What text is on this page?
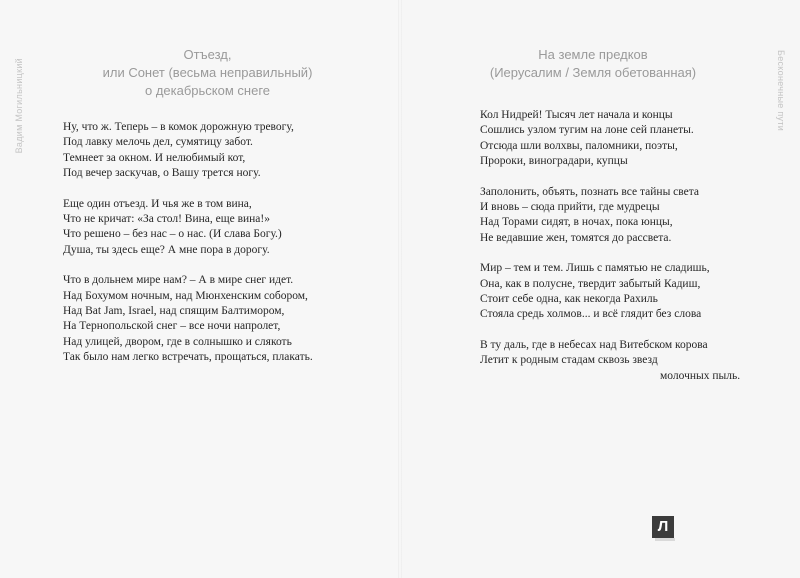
Вадим Могильницкий	Бесконечные пути
Отъезд,
или Сонет (весьма неправильный)
о декабрьском снеге
На земле предков
(Иерусалим / Земля обетованная)
Ну, что ж. Теперь – в комок дорожную тревогу,
Под лавку мелочь дел, сумятицу забот.
Темнеет за окном. И нелюбимый кот,
Под вечер заскучав, о Вашу трется ногу.
Еще один отъезд. И чья же в том вина,
Что не кричат: «За стол! Вина, еще вина!»
Что решено – без нас – о нас. (И слава Богу.)
Душа, ты здесь еще? А мне пора в дорогу.
Что в дольнем мире нам? – А в мире снег идет.
Над Бохумом ночным, над Мюнхенским собором,
Над Bat Jam, Israel, над спящим Балтимором,
На Тернопольской снег – все ночи напролет,
Над улицей, двором, где в солнышко и слякоть
Так было нам легко встречать, прощаться, плакать.
Кол Нидрей! Тысяч лет начала и концы
Сошлись узлом тугим на лоне сей планеты.
Отсюда шли волхвы, паломники, поэты,
Пророки, виноградари, купцы
Заполонить, объять, познать все тайны света
И вновь – сюда прийти, где мудрецы
Над Торами сидят, в ночах, пока юнцы,
Не ведавшие жен, томятся до рассвета.
Мир – тем и тем. Лишь с памятью не сладишь,
Она, как в полусне, твердит забытый Кадиш,
Стоит себе одна, как некогда Рахиль
Стояла средь холмов... и всё глядит без слова
В ту даль, где в небесах над Витебском корова
Летит к родным стадам сквозь звезд
молочных пыль.
Л
